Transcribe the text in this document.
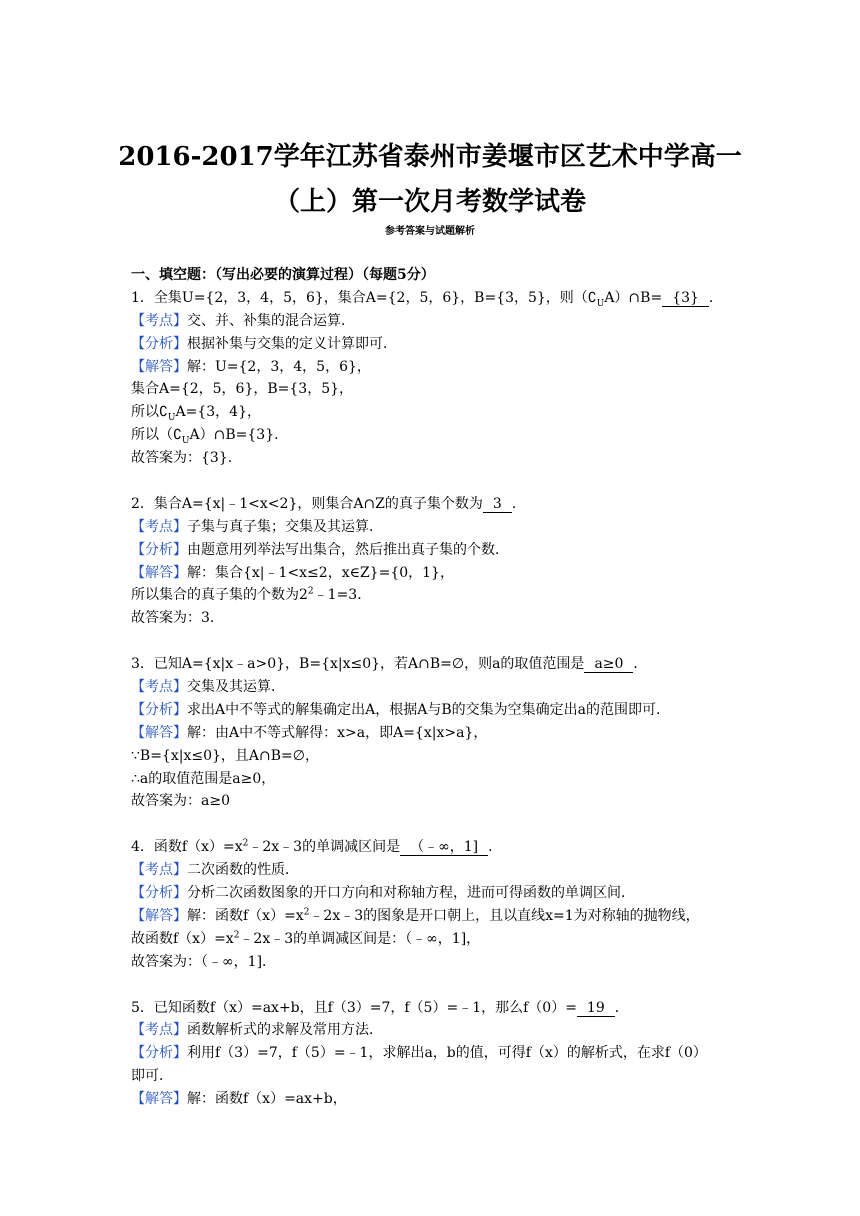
2016-2017学年江苏省泰州市姜堰市区艺术中学高一
（上）第一次月考数学试卷
参考答案与试题解析
一、填空题：（写出必要的演算过程）（每题5分）
1．全集U={2，3，4，5，6}，集合A={2，5，6}，B={3，5}，则$(∁_UA)\cap B= \{3\}$ ．
【考点】交、并、补集的混合运算．
【分析】根据补集与交集的定义计算即可．
【解答】解：U={2，3，4，5，6}，
集合A={2，5，6}，B={3，5}，
所以$∁_UA=\{3$，4}，
所以$(∁_UA)\cap B=\{3\}$．
故答案为：{3}．
2．集合A={x|﹣1<x<2}，则集合A∩Z的真子集个数为 3 ．
【考点】子集与真子集；交集及其运算．
【分析】由题意用列举法写出集合，然后推出真子集的个数．
【解答】解：集合{x|﹣1<x≤2，x∈Z}={0，1}，
所以集合的真子集的个数为$2^2﹣1=3$．
故答案为：3．
3．已知A={x|x﹣a>0}，B={x|x≤0}，若A∩B=∅，则a的取值范围是 a≥0 ．
【考点】交集及其运算．
【分析】求出A中不等式的解集确定出A，根据A与B的交集为空集确定出a的范围即可．
【解答】解：由A中不等式解得：x>a，即A={x|x>a}，
∵B={x|x≤0}，且A∩B=∅，
∴a的取值范围是a≥0，
故答案为：a≥0
4．函数$f(x)=x^2﹣2x﹣3$的单调减区间是 （﹣∞，1] ．
【考点】二次函数的性质．
【分析】分析二次函数图象的开口方向和对称轴方程，进而可得函数的单调区间．
【解答】解：函数$f(x)=x^2﹣2x﹣3$的图象是开口朝上，且以直线x=1为对称轴的抛物线，
故函数$f(x)=x^2﹣2x﹣3$的单调减区间是：（﹣∞，1]，
故答案为：（﹣∞，1]．
5．已知函数f（x）=ax+b，且f（3）=7，f（5）=﹣1，那么f（0）= 19 ．
【考点】函数解析式的求解及常用方法．
【分析】利用f（3）=7，f（5）=﹣1，求解出a，b的值，可得f（x）的解析式，在求f（0）
即可．
【解答】解：函数f（x）=ax+b，
